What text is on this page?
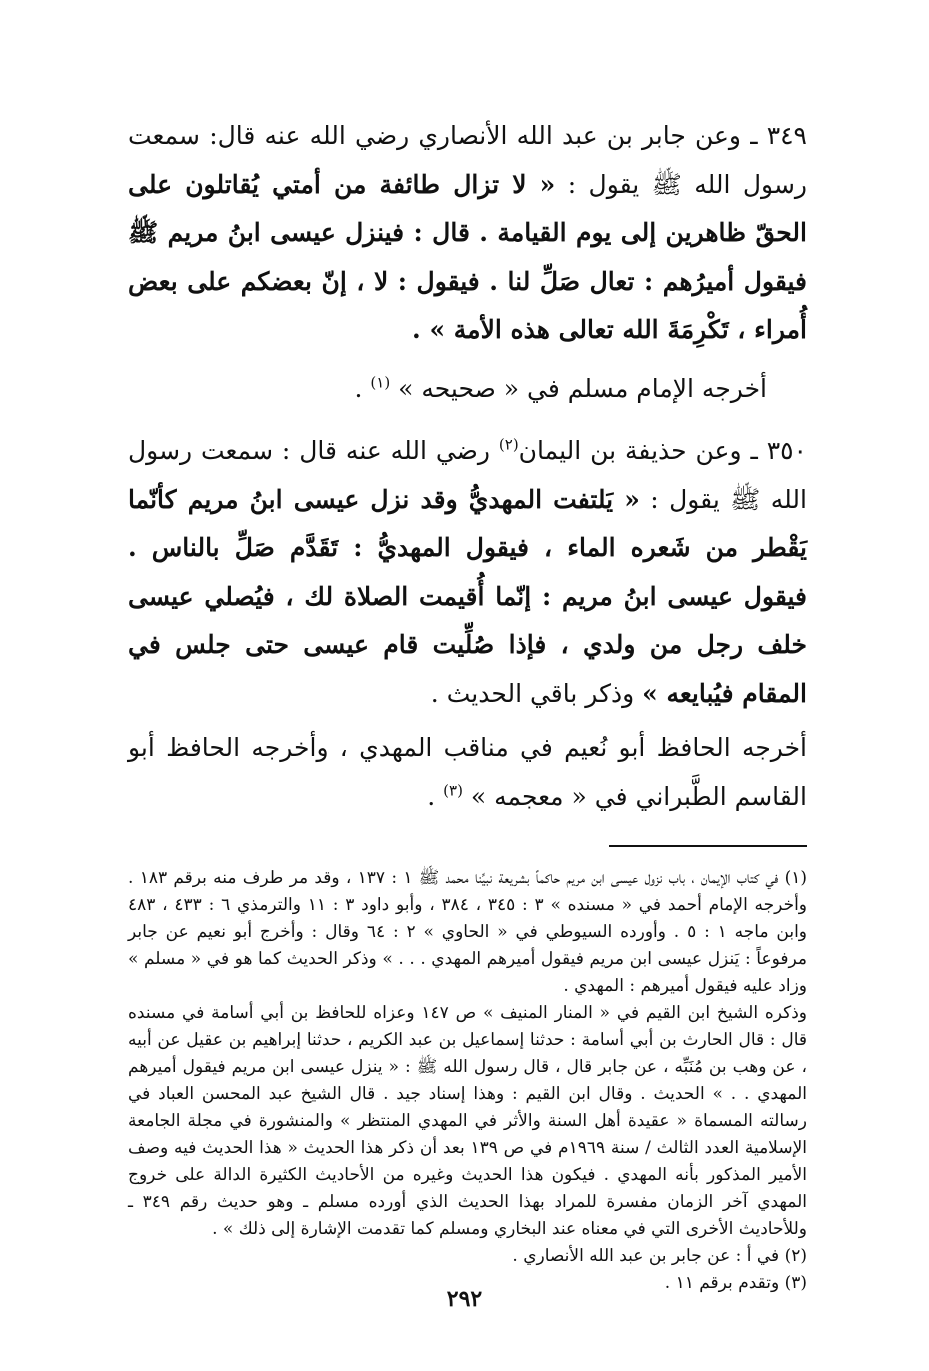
٣٤٩ ـ وعن جابر بن عبد الله الأنصاري رضي الله عنه قال: سمعت رسول الله ﷺ يقول : « لا تزال طائفة من أمتي يُقاتلون على الحقّ ظاهرين إلى يوم القيامة . قال : فينزل عيسى ابنُ مريم ﷺ فيقول أميرُهم : تعال صَلِّ لنا . فيقول : لا ، إنّ بعضكم على بعض أُمراء ، تَكْرِمَةَ الله تعالى هذه الأمة » .

أخرجه الإمام مسلم في « صحيحه » $^{(١)}$ .

٣٥٠ ـ وعن حذيفة بن اليمان$^{(٢)}$ رضي الله عنه قال : سمعت رسول الله ﷺ يقول : « يَلتفت المهديُّ وقد نزل عيسى ابنُ مريم كأنّما يَقْطر من شَعره الماء ، فيقول المهديُّ : تَقَدَّم صَلِّ بالناس . فيقول عيسى ابنُ مريم : إنّما أُقيمت الصلاة لك ، فيُصلي عيسى خلف رجل من ولدي ، فإذا صُلِّيت قام عيسى حتى جلس في المقام فيُبايعه » وذكر باقي الحديث .

أخرجه الحافظ أبو نُعيم في مناقب المهدي ، وأخرجه الحافظ أبو القاسم الطَّبراني في « معجمه » $^{(٣)}$ .

(١) في كتاب الإيمان ، باب نزول عيسى ابن مريم حاكماً بشريعة نبيِّنا محمد ﷺ ١ : ١٣٧ ، وقد مر طرف منه برقم ١٨٣ . وأخرجه الإمام أحمد في « مسنده » ٣ : ٣٤٥ ، ٣٨٤ ، وأبو داود ٣ : ١١ والترمذي ٦ : ٤٣٣ ، ٤٨٣ وابن ماجه ١ : ٥ . وأورده السيوطي في « الحاوي » ٢ : ٦٤ وقال : وأخرج أبو نعيم عن جابر مرفوعاً : يَنزل عيسى ابن مريم فيقول أميرهم المهدي . . . » وذكر الحديث كما هو في « مسلم » وزاد عليه فيقول أميرهم : المهدي .

وذكره الشيخ ابن القيم في « المنار المنيف » ص ١٤٧ وعزاه للحافظ بن أبي أسامة في مسنده قال : قال الحارث بن أبي أسامة : حدثنا إسماعيل بن عبد الكريم ، حدثنا إبراهيم بن عقيل عن أبيه ، عن وهب بن مُنَبِّه ، عن جابر قال ، قال رسول الله ﷺ : « ينزل عيسى ابن مريم فيقول أميرهم المهدي . . » الحديث . وقال ابن القيم : وهذا إسناد جيد . قال الشيخ عبد المحسن العباد في رسالته المسماة « عقيدة أهل السنة والأثر في المهدي المنتظر » والمنشورة في مجلة الجامعة الإسلامية العدد الثالث / سنة ١٩٦٩م في ص ١٣٩ بعد أن ذكر هذا الحديث « هذا الحديث فيه وصف الأمير المذكور بأنه المهدي . فيكون هذا الحديث وغيره من الأحاديث الكثيرة الدالة على خروج المهدي آخر الزمان مفسرة للمراد بهذا الحديث الذي أورده مسلم ـ وهو حديث رقم ٣٤٩ ـ وللأحاديث الأخرى التي في معناه عند البخاري ومسلم كما تقدمت الإشارة إلى ذلك » .

(٢) في أ : عن جابر بن عبد الله الأنصاري .

(٣) وتقدم برقم ١١ .

٢٩٢
